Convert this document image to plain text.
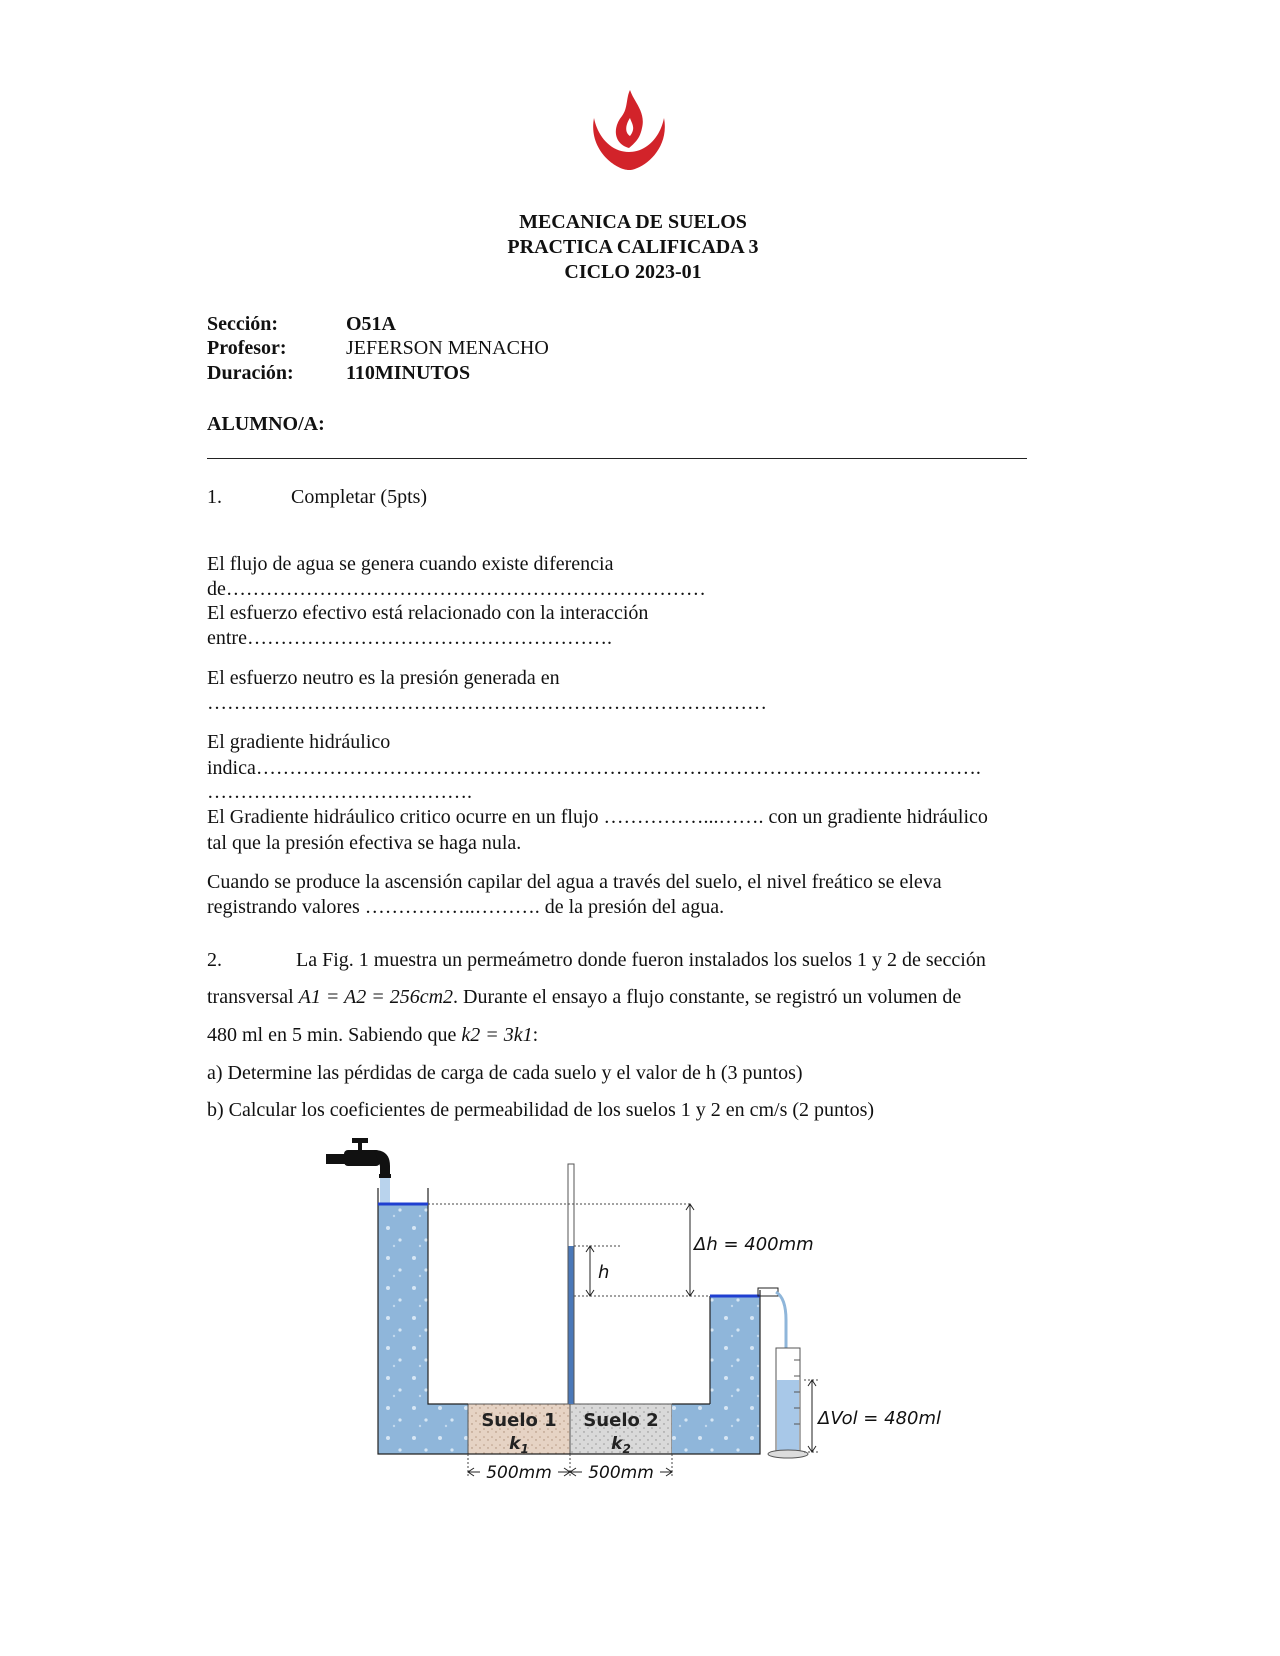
MECANICA DE SUELOS
PRACTICA CALIFICADA 3
CICLO 2023-01
Sección:	O51A
Profesor:	JEFERSON MENACHO
Duración:	110MINUTOS
ALUMNO/A:
1.	Completar (5pts)
El flujo de agua se genera cuando existe diferencia
de………………………………………………………………
El esfuerzo efectivo está relacionado con la interacción
entre……………………………………………….
El esfuerzo neutro es la presión generada en
…………………………………………………………………………
El gradiente hidráulico
indica……………………………………………………………………………………………….
………………………………….
El Gradiente hidráulico critico ocurre en un flujo ……………...……. con un gradiente hidráulico
tal que la presión efectiva se haga nula.
Cuando se produce la ascensión capilar del agua a través del suelo, el nivel freático se eleva
registrando valores ……………..………. de la presión del agua.
2.	La Fig. 1 muestra un permeámetro donde fueron instalados los suelos 1 y 2 de sección
transversal A1 = A2 = 256cm2. Durante el ensayo a flujo constante, se registró un volumen de
480 ml en 5 min. Sabiendo que k2 = 3k1:
a) Determine las pérdidas de carga de cada suelo y el valor de h (3 puntos)
b) Calcular los coeficientes de permeabilidad de los suelos 1 y 2 en cm/s (2 puntos)
h
Δh = 400mm
ΔVol = 480ml
Suelo 1
$k_1$
Suelo 2
$k_2$
500mm 500mm
